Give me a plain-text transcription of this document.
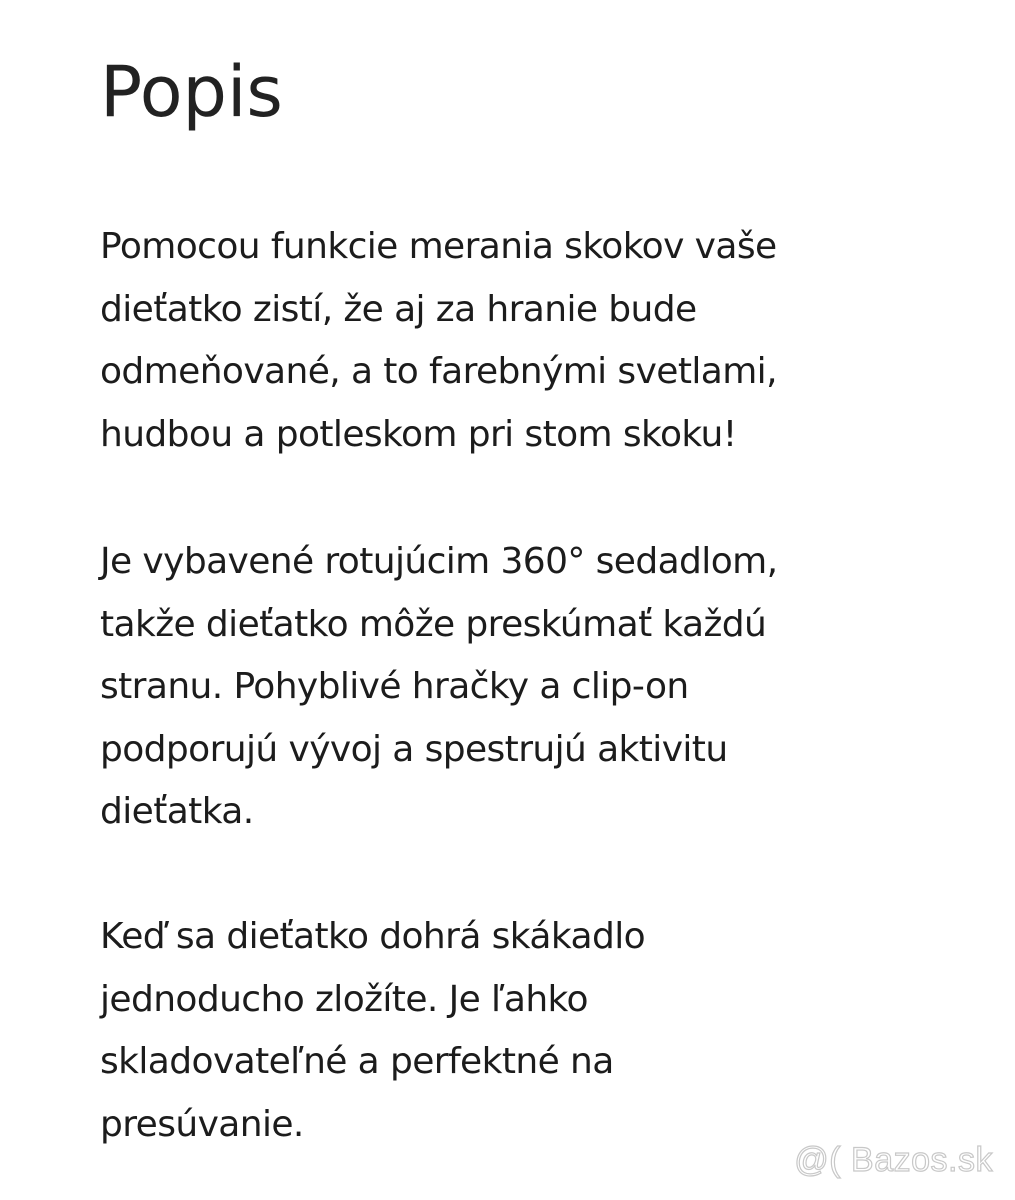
Popis

Pomocou funkcie merania skokov vaše
dieťatko zistí, že aj za hranie bude
odmeňované, a to farebnými svetlami,
hudbou a potleskom pri stom skoku!

Je vybavené rotujúcim 360° sedadlom,
takže dieťatko môže preskúmať každú
stranu. Pohyblivé hračky a clip-on
podporujú vývoj a spestrujú aktivitu
dieťatka.

Keď sa dieťatko dohrá skákadlo
jednoducho zložíte. Je ľahko
skladovateľné a perfektné na
presúvanie.

@( Bazos.sk
